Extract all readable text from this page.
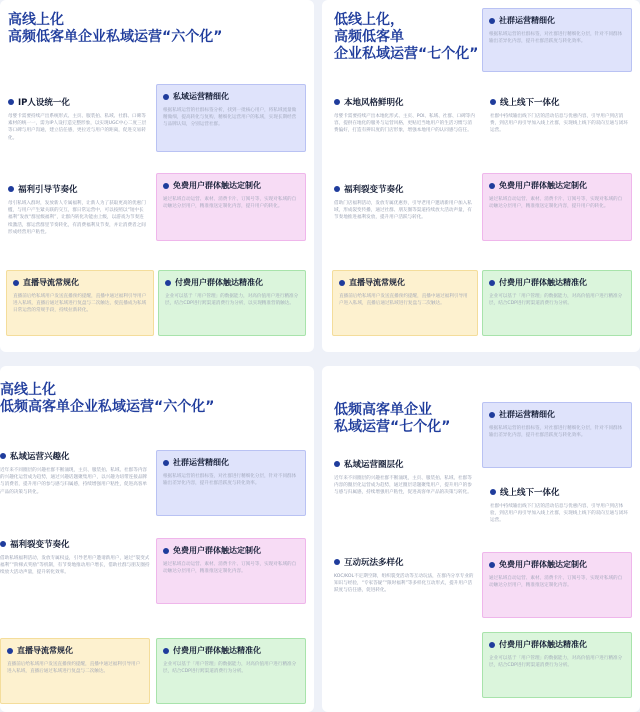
高线上化
高频低客单企业私域运营“六个化”
IP人设统一化
母婴卡需要持续产出系统形式、主页、服装拍、私域、社群、口碑等素材的统一一，需为IP人设打造完整形象，以实现UGC中心二度三层等口碑与用户沟通，建立信任感，更拉近与用户的距离，促进交易转化。
福利引导节奏化
母引私域入群时，发放新人专属福利，让新人为了获取更高的优惠门槛，与用户产生紧关联的交互，群日常运营中，可以按照以“短中长福利”发放“群星级福利”，让群内转化功能由上级，以游戏为节奏连续激活，群运营群里节奏转化，有消费福利及节奏，并让消费者之间形成经营用户粘性。
私域运营精细化
根据私域运营的社群标签分析，找到一批核心用户，将私域流量做精做细，提高转化与复购，精细化运营用户的私域，实现长期经营与品牌认知，分别运营社群。
免费用户群体触达定制化
通过私域自动运营、素材、消费卡片、订阅号等，实现对私域的自动触达分层用户，精准推送定制化内容，提升用户的转化。
直播导流常规化
直播前后给私域用户发送直播预约提醒，直播中通过福利引导用户进入私域，直播后通过私域进行复盘与二次触达，使直播成为私域日常运营的常规手段，持续拉新转化。
付费用户群体触达精准化
企业可以基于「用户管理」的数据能力，对高价值用户进行精准分层，结合CDP进行跨渠道消费行为分析，以实现精准营销触达。
低线上化，
高频低客单
企业私域运营“七个化”
社群运营精细化
根据私域运营的社群标签，对社群进行精细化分层，针对不同群体输出差异化内容，提升社群活跃度与转化效率。
本地风格鲜明化
母婴卡需要持续产出本地化形式、主页、POI、私域、社群、口碑等内容，提供在地化的服务与运营风格，更贴近当地用户的生活习惯与消费偏好，打造有辨识度的门店形象，增强本地用户的认同感与信任。
线上线下一体化
社群中持续输出线下门店的活动信息与优惠内容，引导用户到店消费，到店用户再引导加入线上社群，实现线上线下的双向互通与闭环运营。
福利裂变节奏化
借助门店福利活动，发放专属优惠券，引导老用户邀请新用户加入私域，形成裂变传播，通过社群、朋友圈等渠道持续放大活动声量，有节奏地推进福利发放，提升用户活跃与转化。
免费用户群体触达定制化
通过私域自动运营、素材、消费卡片、订阅号等，实现对私域的自动触达分层用户，精准推送定制化内容，提升用户的转化。
直播导流常规化
直播前后给私域用户发送直播预约提醒，直播中通过福利引导用户进入私域，直播后通过私域进行复盘与二次触达。
付费用户群体触达精准化
企业可以基于「用户管理」的数据能力，对高价值用户进行精准分层，结合CDP进行跨渠道消费行为分析。
高线上化
低频高客单企业私域运营“六个化”
私域运营兴趣化
近年来不同圈层的兴趣社群不断涌现，主页、服装拍、私域、社群等内容的兴趣化运营成为趋势，通过兴趣话题聚集用户，以兴趣为纽带连接品牌与消费者，提升用户的参与感与归属感，持续增强用户粘性，促进高客单产品的决策与转化。
福利裂变节奏化
借助私域福利活动，发放专属权益，引导老用户邀请新用户，通过“裂变式福利”“阶梯式奖励”等机制，有节奏地推动用户增长，借助社群与朋友圈持续放大活动声量，提升转化效率。
社群运营精细化
根据私域运营的社群标签，对社群进行精细化分层，针对不同群体输出差异化内容，提升社群活跃度与转化效率。
免费用户群体触达定制化
通过私域自动运营、素材、消费卡片、订阅号等，实现对私域的自动触达分层用户，精准推送定制化内容。
直播导流常规化
直播前后给私域用户发送直播预约提醒，直播中通过福利引导用户进入私域，直播后通过私域进行复盘与二次触达。
付费用户群体触达精准化
企业可以基于「用户管理」的数据能力，对高价值用户进行精准分层，结合CDP进行跨渠道消费行为分析。
低频高客单企业
私域运营“七个化”
社群运营精细化
根据私域运营的社群标签，对社群进行精细化分层，针对不同群体输出差异化内容，提升社群活跃度与转化效率。
私域运营圈层化
近年来不同圈层的兴趣社群不断涌现，主页、服装拍、私域、社群等内容的圈层化运营成为趋势，通过圈层话题聚集用户，提升用户的参与感与归属感，持续增强用户粘性，促进高客单产品的决策与转化。	线上线下一体化
社群中持续输出线下门店的活动信息与优惠内容，引导用户到店体验，到店用户再引导加入线上社群，实现线上线下的双向互通与闭环运营。
互动玩法多样化
KOC/KOL不定期空降，组织裂变活动等互动玩法，在群内分享专业的知识与经验，“专家答疑”“限时福利”等多样化互动形式，提升用户活跃度与信任感，促进转化。
免费用户群体触达定制化
通过私域自动运营、素材、消费卡片、订阅号等，实现对私域的自动触达分层用户，精准推送定制化内容。
付费用户群体触达精准化
企业可以基于「用户管理」的数据能力，对高价值用户进行精准分层，结合CDP进行跨渠道消费行为分析。
